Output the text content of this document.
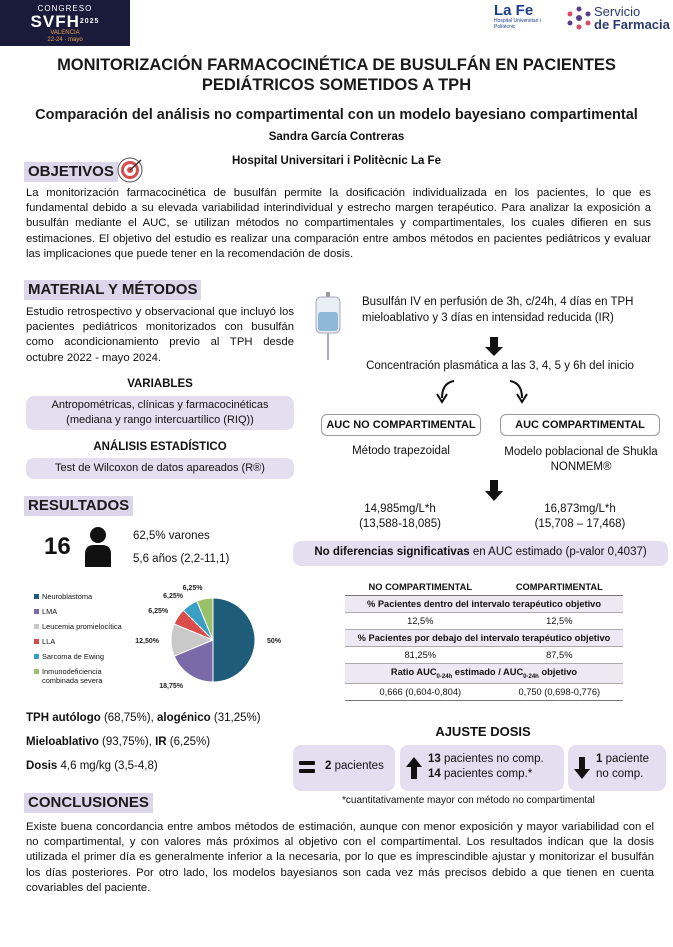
CONGRESO
$SVFH^{2025}$
VALENCIA
22-24 · mayo
La Fe
Hospital Universitari i Politècnic
Servicio
de Farmacia
MONITORIZACIÓN FARMACOCINÉTICA DE BUSULFÁN EN PACIENTES PEDIÁTRICOS SOMETIDOS A TPH
Comparación del análisis no compartimental con un modelo bayesiano compartimental
Sandra García Contreras
Hospital Universitari i Politècnic La Fe
OBJETIVOS
La monitorización farmacocinética de busulfán permite la dosificación individualizada en los pacientes, lo que es fundamental debido a su elevada variabilidad interindividual y estrecho margen terapéutico. Para analizar la exposición a busulfán mediante el AUC, se utilizan métodos no compartimentales y compartimentales, los cuales difieren en sus estimaciones. El objetivo del estudio es realizar una comparación entre ambos métodos en pacientes pediátricos y evaluar las implicaciones que puede tener en la recomendación de dosis.
MATERIAL Y MÉTODOS
Estudio retrospectivo y observacional que incluyó los pacientes pediátricos monitorizados con busulfán como acondicionamiento previo al TPH desde octubre 2022 - mayo 2024.
VARIABLES
Antropométricas, clínicas y farmacocinéticas (mediana y rango intercuartílico (RIQ))
ANÁLISIS ESTADÍSTICO
Test de Wilcoxon de datos apareados (R®)
Busulfán IV en perfusión de 3h, c/24h, 4 días en TPH mieloablativo y 3 días en intensidad reducida (IR)
Concentración plasmática a las 3, 4, 5 y 6h del inicio
AUC NO COMPARTIMENTAL	AUC COMPARTIMENTAL
Método trapezoidal	Modelo poblacional de Shukla NONMEM®
14,985mg/L*h
(13,588-18,085)
16,873mg/L*h
(15,708 – 17,468)
No diferencias significativas en AUC estimado (p-valor 0,4037)
RESULTADOS
16	62,5% varones
5,6 años (2,2-11,1)
Neuroblastoma
LMA
Leucemia promielocítica
LLA
Sarcoma de Ewing
Inmunodeficiencia combinada severa
50%
18,75%
12,50%
6,25%
6,25%
6,25%
TPH autólogo (68,75%), alogénico (31,25%)
Mieloablativo (93,75%), IR (6,25%)
Dosis 4,6 mg/kg (3,5-4,8)
NO COMPARTIMENTAL	COMPARTIMENTAL
% Pacientes dentro del intervalo terapéutico objetivo	
12,5%	12,5%
% Pacientes por debajo del intervalo terapéutico objetivo	
81,25%	87,5%
Ratio $AUC_{0-24h}$ estimado / $AUC_{0-24h}$ objetivo	
0,666 (0,604-0,804)	0,750 (0,698-0,776)
AJUSTE DOSIS
2 pacientes
13 pacientes no comp.
14 pacientes comp.*
1 paciente
no comp.
*cuantitativamente mayor con método no compartimental
CONCLUSIONES
Existe buena concordancia entre ambos métodos de estimación, aunque con menor exposición y mayor variabilidad con el no compartimental, y con valores más próximos al objetivo con el compartimental. Los resultados indican que la dosis utilizada el primer día es generalmente inferior a la necesaria, por lo que es imprescindible ajustar y monitorizar el busulfán los días posteriores. Por otro lado, los modelos bayesianos son cada vez más precisos debido a que tienen en cuenta covariables del paciente.
